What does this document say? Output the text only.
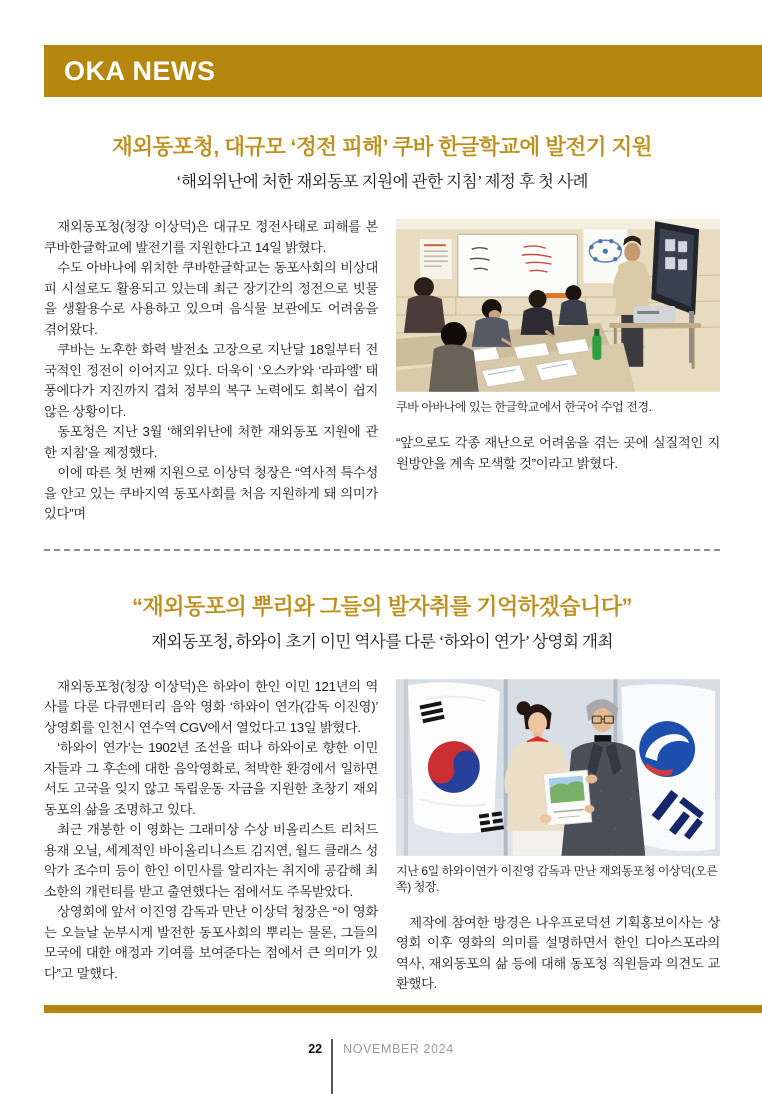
OKA NEWS
재외동포청, 대규모 ‘정전 피해’ 쿠바 한글학교에 발전기 지원
‘해외위난에 처한 재외동포 지원에 관한 지침’ 제정 후 첫 사례

재외동포청(청장 이상덕)은 대규모 정전사태로 피해를 본 쿠바한글학교에 발전기를 지원한다고 14일 밝혔다.

수도 아바나에 위치한 쿠바한글학교는 동포사회의 비상대피 시설로도 활용되고 있는데 최근 장기간의 정전으로 빗물을 생활용수로 사용하고 있으며 음식물 보관에도 어려움을 겪어왔다.

쿠바는 노후한 화력 발전소 고장으로 지난달 18일부터 전국적인 정전이 이어지고 있다. 더욱이 ‘오스카’와 ‘라파엘’ 태풍에다가 지진까지 겹쳐 정부의 복구 노력에도 회복이 쉽지 않은 상황이다.

동포청은 지난 3월 ‘해외위난에 처한 재외동포 지원에 관한 지침’을 제정했다.

이에 따른 첫 번째 지원으로 이상덕 청장은 “역사적 특수성을 안고 있는 쿠바지역 동포사회를 처음 지원하게 돼 의미가 있다”며

쿠바 아바나에 있는 한글학교에서 한국어 수업 전경.

“앞으로도 각종 재난으로 어려움을 겪는 곳에 실질적인 지원방안을 계속 모색할 것”이라고 밝혔다.

“재외동포의 뿌리와 그들의 발자취를 기억하겠습니다”
재외동포청, 하와이 초기 이민 역사를 다룬 ‘하와이 연가’ 상영회 개최

재외동포청(청장 이상덕)은 하와이 한인 이민 121년의 역사를 다룬 다큐멘터리 음악 영화 ‘하와이 연가(감독 이진영)’ 상영회를 인천시 연수역 CGV에서 열었다고 13일 밝혔다.

‘하와이 연가’는 1902년 조선을 떠나 하와이로 향한 이민자들과 그 후손에 대한 음악영화로, 척박한 환경에서 일하면서도 고국을 잊지 않고 독립운동 자금을 지원한 초창기 재외동포의 삶을 조명하고 있다.

최근 개봉한 이 영화는 그래미상 수상 비올리스트 리처드 용재 오닐, 세계적인 바이올리니스트 김지연, 월드 클래스 성악가 조수미 등이 한인 이민사를 알리자는 취지에 공감해 최소한의 개런티를 받고 출연했다는 점에서도 주목받았다.

상영회에 앞서 이진영 감독과 만난 이상덕 청장은 “이 영화는 오늘날 눈부시게 발전한 동포사회의 뿌리는 물론, 그들의 모국에 대한 애정과 기여를 보여준다는 점에서 큰 의미가 있다”고 말했다.

지난 6일 하와이연가 이진영 감독과 만난 재외동포청 이상덕(오른쪽) 청장.

제작에 참여한 방경은 나우프로덕션 기획홍보이사는 상영회 이후 영화의 의미를 설명하면서 한인 디아스포라의 역사, 재외동포의 삶 등에 대해 동포청 직원들과 의견도 교환했다.

22 NOVEMBER 2024
